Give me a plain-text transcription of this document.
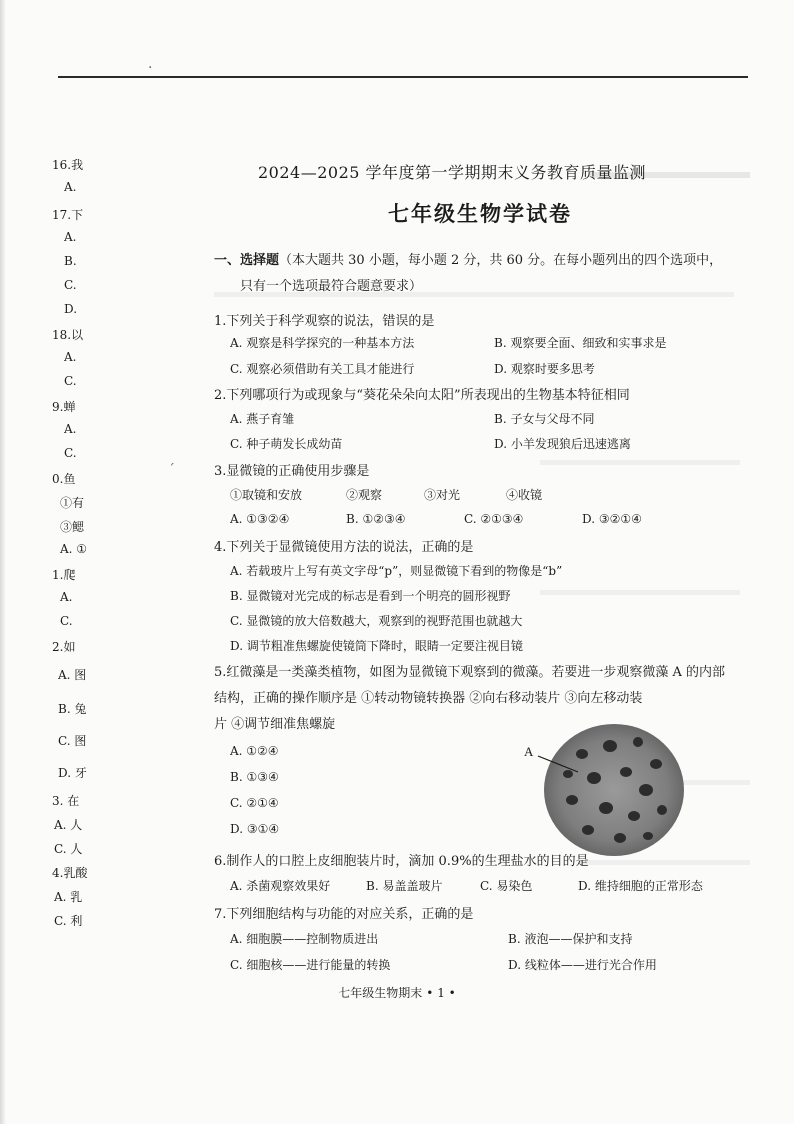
ˊ
·
16.我
A.
17.下
A.
B.
C.
D.
18.以
A.
C.
9.蝉
A.
C.
0.鱼
①有
③鳃
A. ①
1.爬
A.
C.
2.如
A. 图
B. 兔
C. 图
D. 牙
3. 在
A. 人
C. 人
4.乳酸
A. 乳
C. 利
2024—2025 学年度第一学期期末义务教育质量监测
七年级生物学试卷
一、选择题（本大题共 30 小题，每小题 2 分，共 60 分。在每小题列出的四个选项中，
只有一个选项最符合题意要求）
1.下列关于科学观察的说法，错误的是
A. 观察是科学探究的一种基本方法	B. 观察要全面、细致和实事求是
C. 观察必须借助有关工具才能进行	D. 观察时要多思考
2.下列哪项行为或现象与“葵花朵朵向太阳”所表现出的生物基本特征相同
A. 燕子育雏	B. 子女与父母不同
C. 种子萌发长成幼苗	D. 小羊发现狼后迅速逃离
3.显微镜的正确使用步骤是
①取镜和安放	②观察	③对光	④收镜
A. ①③②④	B. ①②③④	C. ②①③④	D. ③②①④
4.下列关于显微镜使用方法的说法，正确的是
A. 若载玻片上写有英文字母“p”，则显微镜下看到的物像是“b”
B. 显微镜对光完成的标志是看到一个明亮的圆形视野
C. 显微镜的放大倍数越大，观察到的视野范围也就越大
D. 调节粗准焦螺旋使镜筒下降时，眼睛一定要注视目镜
5.红微藻是一类藻类植物，如图为显微镜下观察到的微藻。若要进一步观察微藻 A 的内部
结构，正确的操作顺序是 ①转动物镜转换器 ②向右移动装片 ③向左移动装
片 ④调节细准焦螺旋
A. ①②④
B. ①③④
C. ②①④
D. ③①④
A
6.制作人的口腔上皮细胞装片时，滴加 0.9%的生理盐水的目的是
A. 杀菌观察效果好	B. 易盖盖玻片	C. 易染色	D. 维持细胞的正常形态
7.下列细胞结构与功能的对应关系，正确的是
A. 细胞膜——控制物质进出	B. 液泡——保护和支持
C. 细胞核——进行能量的转换	D. 线粒体——进行光合作用
七年级生物期末 • 1 •
